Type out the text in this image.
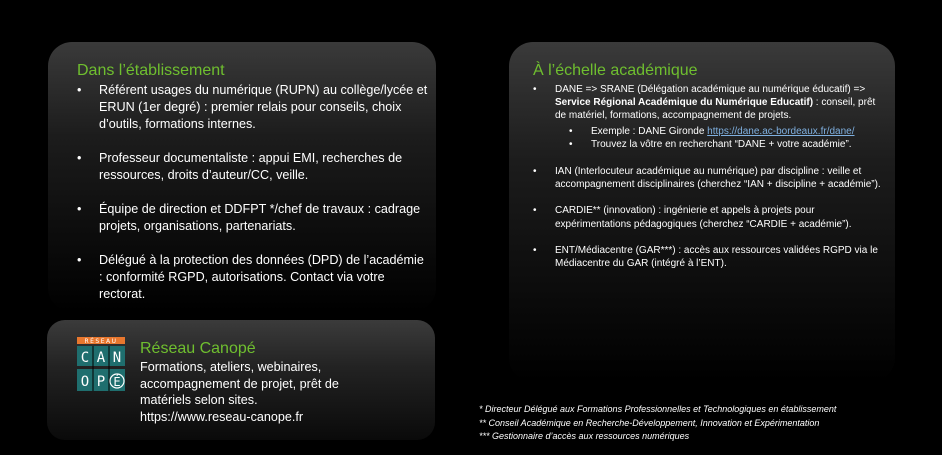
Dans l’établissement
• Référent usages du numérique (RUPN) au collège/lycée et ERUN (1er degré) : premier relais pour conseils, choix d’outils, formations internes.
• Professeur documentaliste : appui EMI, recherches de ressources, droits d’auteur/CC, veille.
• Équipe de direction et DDFPT */chef de travaux : cadrage projets, organisations, partenariats.
• Délégué à la protection des données (DPD) de l’académie : conformité RGPD, autorisations. Contact via votre rectorat.
À l’échelle académique
• DANE => SRANE (Délégation académique au numérique éducatif) => Service Régional Académique du Numérique Educatif) : conseil, prêt de matériel, formations, accompagnement de projets.
• Exemple : DANE Gironde https://dane.ac-bordeaux.fr/dane/
• Trouvez la vôtre en recherchant “DANE + votre académie”.
• IAN (Interlocuteur académique au numérique) par discipline : veille et accompagnement disciplinaires (cherchez “IAN + discipline + académie”).
• CARDIE** (innovation) : ingénierie et appels à projets pour expérimentations pédagogiques (cherchez “CARDIE + académie”).
• ENT/Médiacentre (GAR***) : accès aux ressources validées RGPD via le Médiacentre du GAR (intégré à l’ENT).
RÉSEAU
C A N
O P É
Réseau Canopé
Formations, ateliers, webinaires, accompagnement de projet, prêt de matériels selon sites.
https://www.reseau-canope.fr
* Directeur Délégué aux Formations Professionnelles et Technologiques en établissement
** Conseil Académique en Recherche-Développement, Innovation et Expérimentation
*** Gestionnaire d’accès aux ressources numériques
